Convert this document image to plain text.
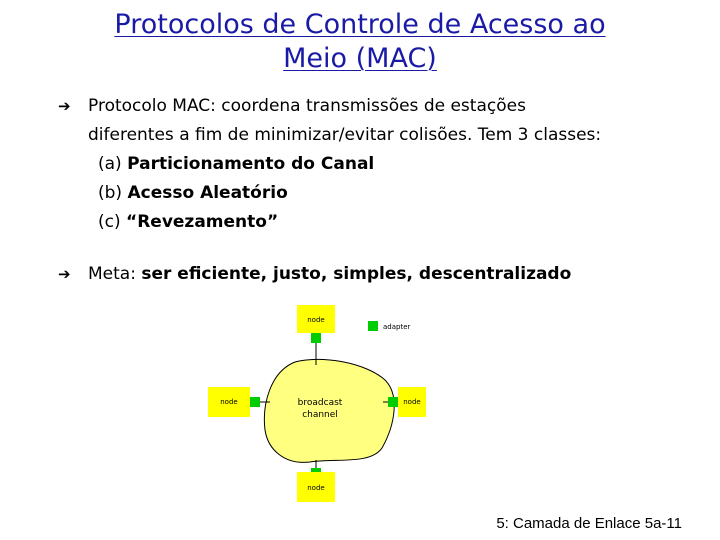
Protocolos de Controle de Acesso ao
Meio (MAC)
➔	Protocolo MAC: coordena transmissões de estações
diferentes a fim de minimizar/evitar colisões. Tem 3 classes:
(a) Particionamento do Canal
(b) Acesso Aleatório
(c) “Revezamento”
➔	Meta: ser eficiente, justo, simples, descentralizado
broadcast
channel
node
adapter
node	node
node
5: Camada de Enlace 5a-11
